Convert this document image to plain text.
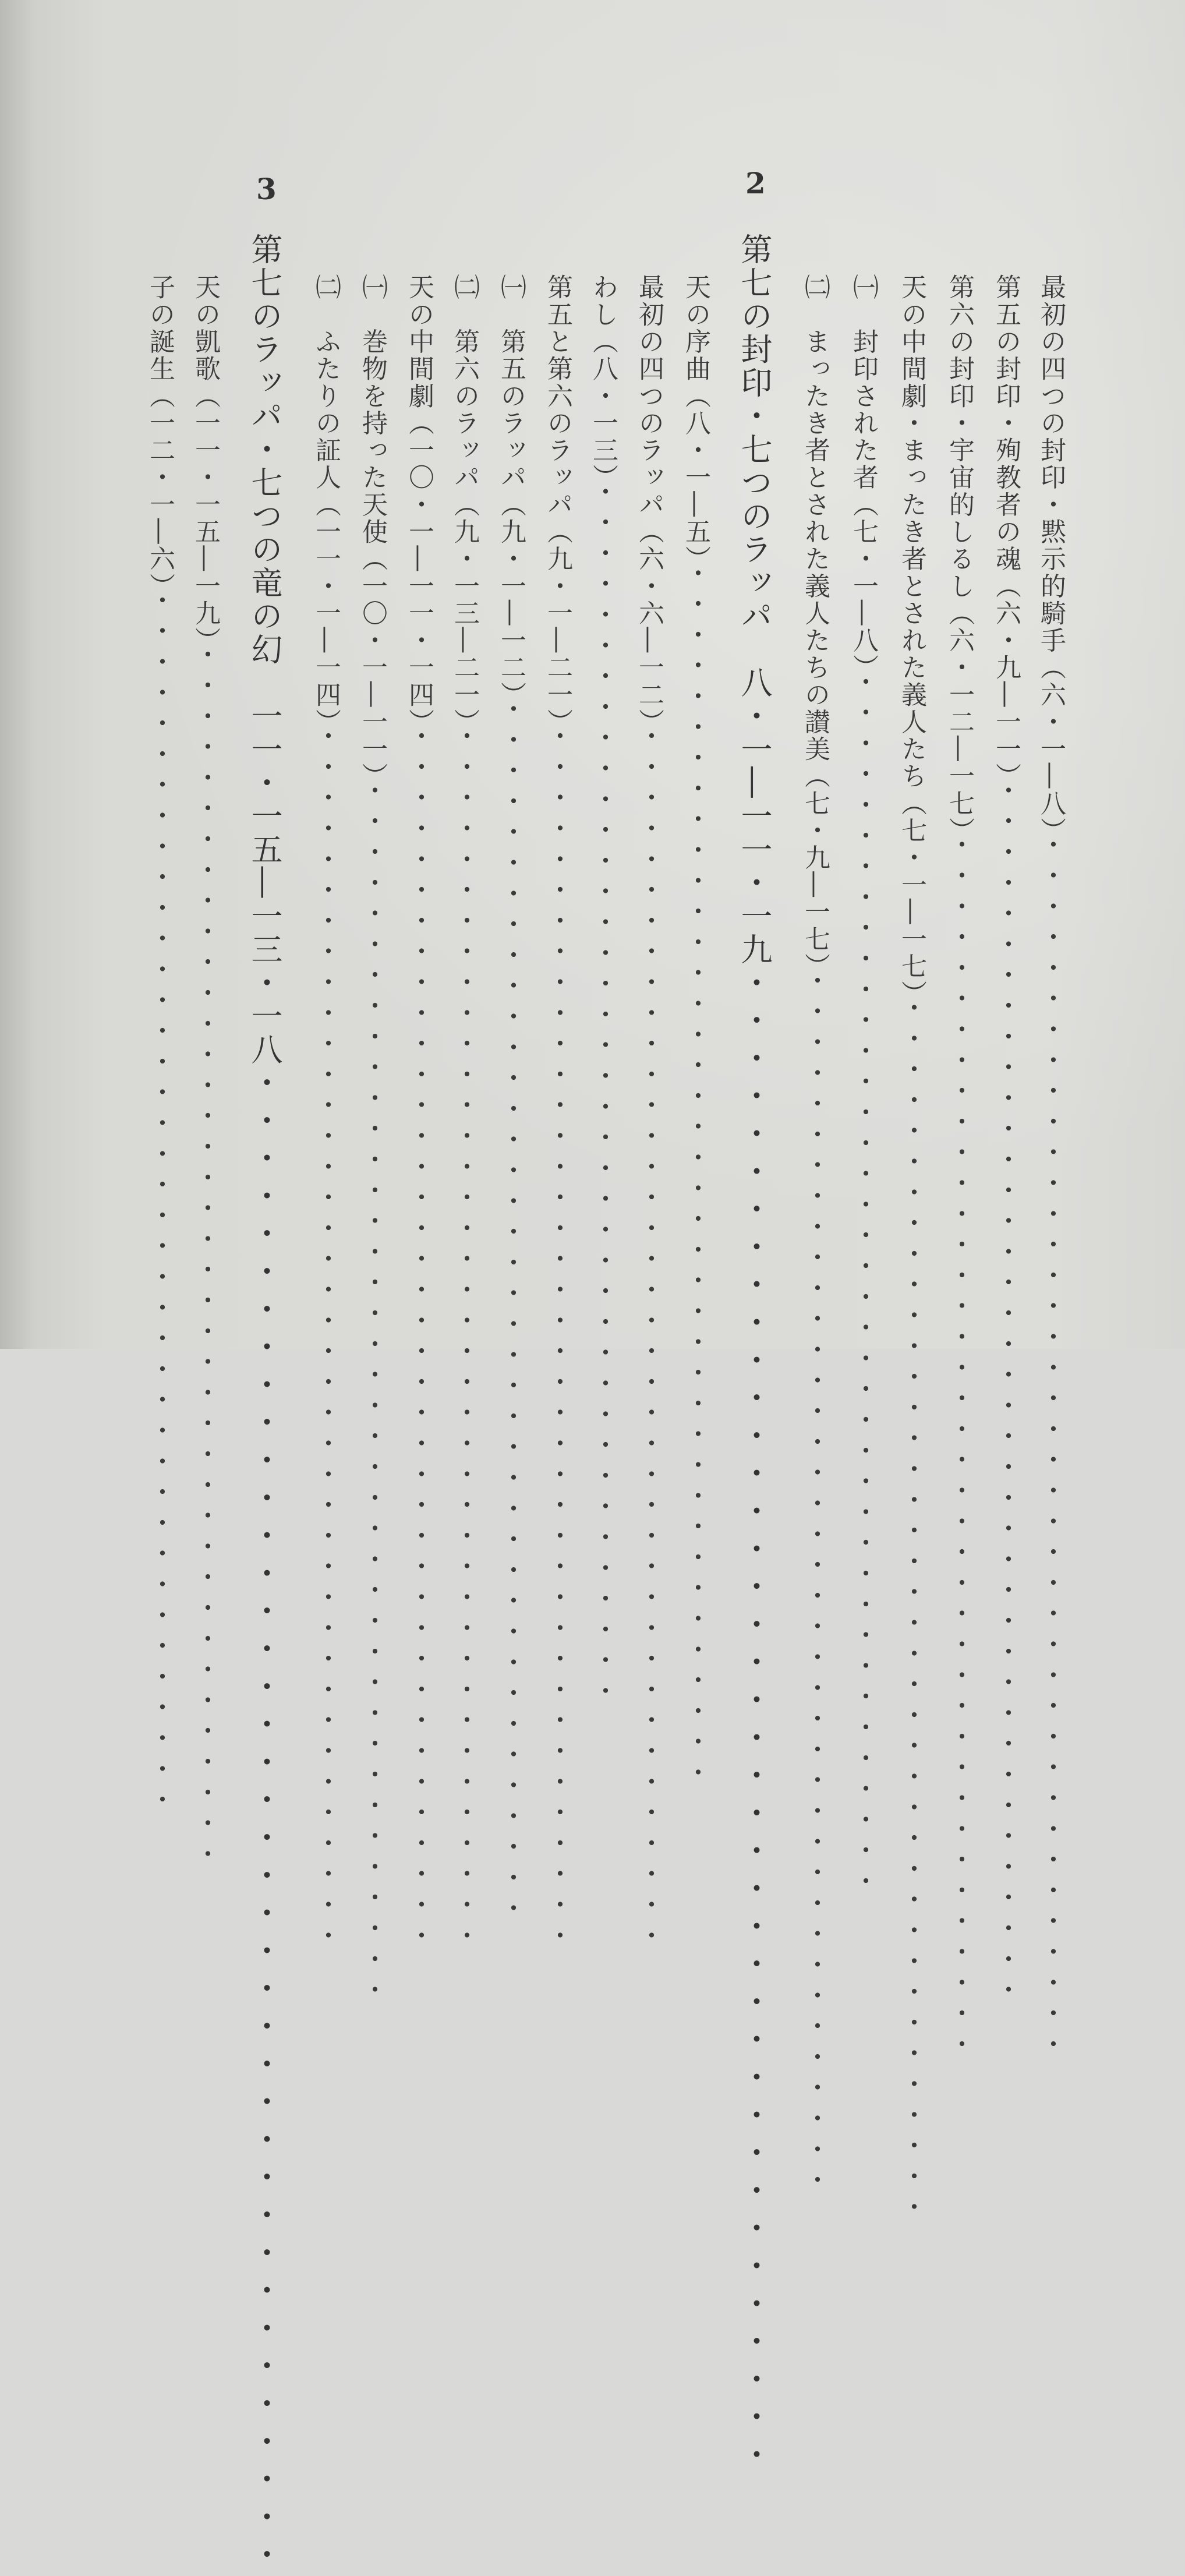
最初の四つの封印・黙示的騎手（六・一―八）・・・・・・・・・・・・・・・・・・・・・・・・・・・・・・・・・・・・・・・・
第五の封印・殉教者の魂（六・九―一一）・・・・・・・・・・・・・・・・・・・・・・・・・・・・・・・・・・・・・・・・
第六の封印・宇宙的しるし（六・一二―一七）・・・・・・・・・・・・・・・・・・・・・・・・・・・・・・・・・・・・・・・・
天の中間劇・まったき者とされた義人たち（七・一―一七）・・・・・・・・・・・・・・・・・・・・・・・・・・・・・・・・・・・・・・・・
㈠　封印された者（七・一―八）・・・・・・・・・・・・・・・・・・・・・・・・・・・・・・・・・・・・・・・・
㈡　まったき者とされた義人たちの讃美（七・九―一七）・・・・・・・・・・・・・・・・・・・・・・・・・・・・・・・・・・・・・・・・
2
第七の封印・七つのラッパ　八・一―一一・一九・・・・・・・・・・・・・・・・・・・・・・・・・・・・・・・・・・・・・・・・
天の序曲（八・一―五）・・・・・・・・・・・・・・・・・・・・・・・・・・・・・・・・・・・・・・・・
最初の四つのラッパ（六・六―一二）・・・・・・・・・・・・・・・・・・・・・・・・・・・・・・・・・・・・・・・・
わし（八・一三）・・・・・・・・・・・・・・・・・・・・・・・・・・・・・・・・・・・・・・・・
第五と第六のラッパ（九・一―二一）・・・・・・・・・・・・・・・・・・・・・・・・・・・・・・・・・・・・・・・・
㈠　第五のラッパ（九・一―一二）・・・・・・・・・・・・・・・・・・・・・・・・・・・・・・・・・・・・・・・・
㈡　第六のラッパ（九・一三―二一）・・・・・・・・・・・・・・・・・・・・・・・・・・・・・・・・・・・・・・・・
天の中間劇（一〇・一―一一・一四）・・・・・・・・・・・・・・・・・・・・・・・・・・・・・・・・・・・・・・・・
㈠　巻物を持った天使（一〇・一―一一）・・・・・・・・・・・・・・・・・・・・・・・・・・・・・・・・・・・・・・・・
㈡　ふたりの証人（一一・一―一四）・・・・・・・・・・・・・・・・・・・・・・・・・・・・・・・・・・・・・・・・
3
第七のラッパ・七つの竜の幻　一一・一五―一三・一八・・・・・・・・・・・・・・・・・・・・・・・・・・・・・・・・・・・・・・・・
天の凱歌（一一・一五―一九）・・・・・・・・・・・・・・・・・・・・・・・・・・・・・・・・・・・・・・・・
子の誕生（一二・一―六）・・・・・・・・・・・・・・・・・・・・・・・・・・・・・・・・・・・・・・・・
